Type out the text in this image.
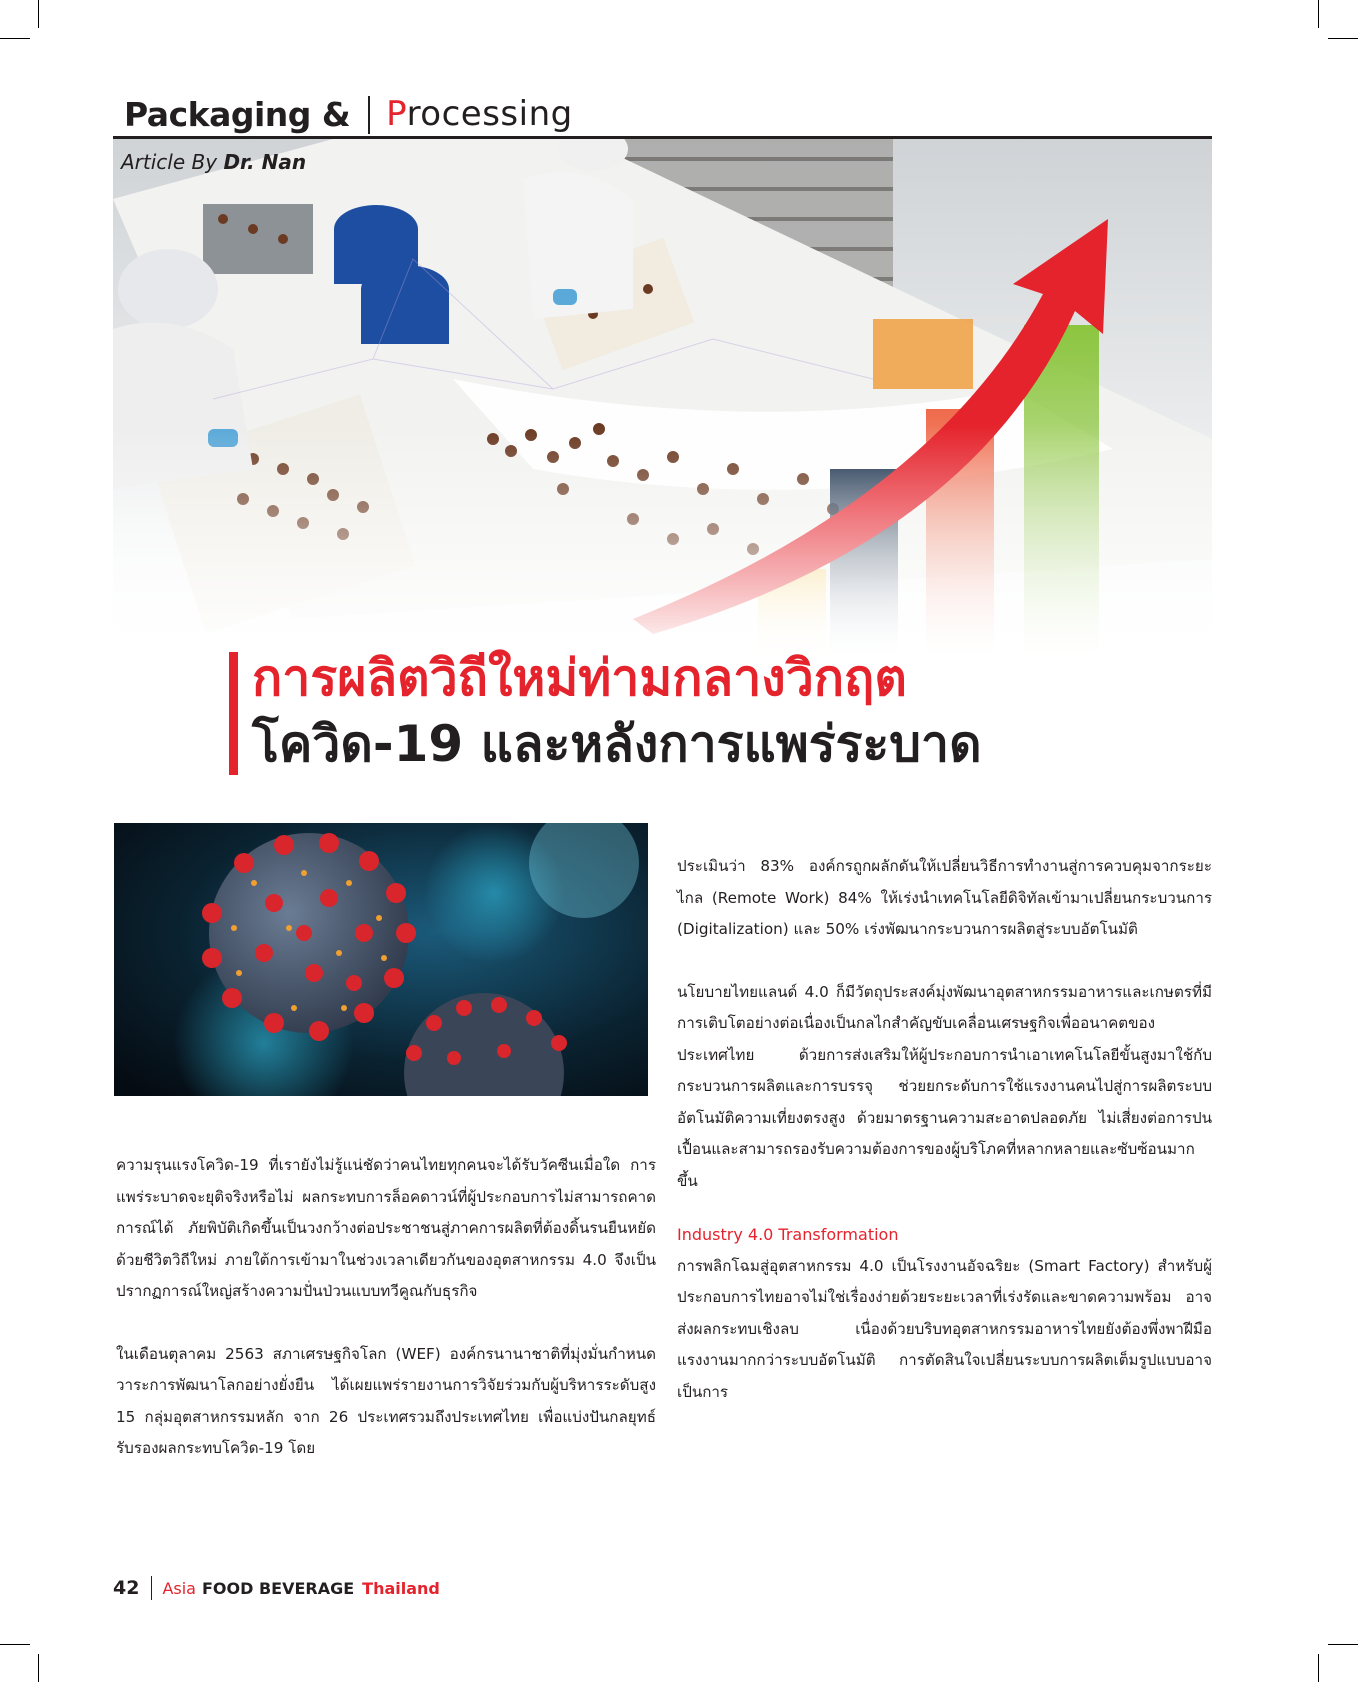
Packaging & Processing
Article By Dr. Nan
การผลิตวิถีใหม่ท่ามกลางวิกฤต
โควิด-19 และหลังการแพร่ระบาด

ความรุนแรงโควิด-19 ที่เรายังไม่รู้แน่ชัดว่าคนไทยทุกคนจะได้รับวัคซีนเมื่อใด การแพร่ระบาดจะยุติจริงหรือไม่ ผลกระทบการล็อคดาวน์ที่ผู้ประกอบการไม่สามารถคาดการณ์ได้ ภัยพิบัติเกิดขึ้นเป็นวงกว้างต่อประชาชนสู่ภาคการผลิตที่ต้องดิ้นรนยืนหยัดด้วยชีวิตวิถีใหม่ ภายใต้การเข้ามาในช่วงเวลาเดียวกันของอุตสาหกรรม 4.0 จึงเป็นปรากฏการณ์ใหญ่สร้างความปั่นป่วนแบบทวีคูณกับธุรกิจ

ในเดือนตุลาคม 2563 สภาเศรษฐกิจโลก (WEF) องค์กรนานาชาติที่มุ่งมั่นกำหนดวาระการพัฒนาโลกอย่างยั่งยืน ได้เผยแพร่รายงานการวิจัยร่วมกับผู้บริหารระดับสูง 15 กลุ่มอุตสาหกรรมหลัก จาก 26 ประเทศรวมถึงประเทศไทย เพื่อแบ่งปันกลยุทธ์รับรองผลกระทบโควิด-19 โดย

ประเมินว่า 83% องค์กรถูกผลักดันให้เปลี่ยนวิธีการทำงานสู่การควบคุมจากระยะไกล (Remote Work) 84% ให้เร่งนำเทคโนโลยีดิจิทัลเข้ามาเปลี่ยนกระบวนการ (Digitalization) และ 50% เร่งพัฒนากระบวนการผลิตสู่ระบบอัตโนมัติ

นโยบายไทยแลนด์ 4.0 ก็มีวัตถุประสงค์มุ่งพัฒนาอุตสาหกรรมอาหารและเกษตรที่มีการเติบโตอย่างต่อเนื่องเป็นกลไกสำคัญขับเคลื่อนเศรษฐกิจเพื่ออนาคตของประเทศไทย ด้วยการส่งเสริมให้ผู้ประกอบการนำเอาเทคโนโลยีขั้นสูงมาใช้กับกระบวนการผลิตและการบรรจุ ช่วยยกระดับการใช้แรงงานคนไปสู่การผลิตระบบอัตโนมัติความเที่ยงตรงสูง ด้วยมาตรฐานความสะอาดปลอดภัย ไม่เสี่ยงต่อการปนเปื้อนและสามารถรองรับความต้องการของผู้บริโภคที่หลากหลายและซับซ้อนมากขึ้น

Industry 4.0 Transformation

การพลิกโฉมสู่อุตสาหกรรม 4.0 เป็นโรงงานอัจฉริยะ (Smart Factory) สำหรับผู้ประกอบการไทยอาจไม่ใช่เรื่องง่ายด้วยระยะเวลาที่เร่งรัดและขาดความพร้อม อาจส่งผลกระทบเชิงลบ เนื่องด้วยบริบทอุตสาหกรรมอาหารไทยยังต้องพึ่งพาฝีมือแรงงานมากกว่าระบบอัตโนมัติ การตัดสินใจเปลี่ยนระบบการผลิตเต็มรูปแบบอาจเป็นการ

42 Asia FOOD BEVERAGE Thailand
